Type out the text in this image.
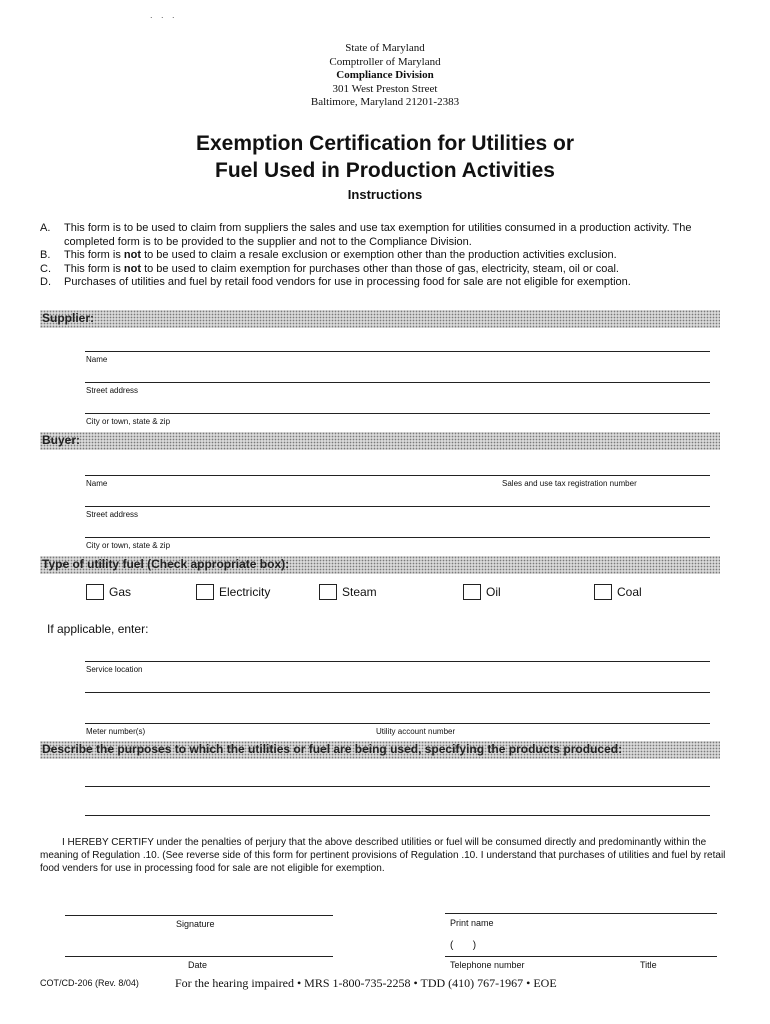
. . .
State of Maryland
Comptroller of Maryland
Compliance Division
301 West Preston Street
Baltimore, Maryland 21201-2383
Exemption Certification for Utilities or
Fuel Used in Production Activities
Instructions
A.	This form is to be used to claim from suppliers the sales and use tax exemption for utilities consumed in a production activity. The completed form is to be provided to the supplier and not to the Compliance Division.
B.	This form is not to be used to claim a resale exclusion or exemption other than the production activities exclusion.
C.	This form is not to be used to claim exemption for purchases other than those of gas, electricity, steam, oil or coal.
D.	Purchases of utilities and fuel by retail food vendors for use in processing food for sale are not eligible for exemption.
Supplier:
Name
Street address
City or town, state & zip
Buyer:
Name	Sales and use tax registration number
Street address
City or town, state & zip
Type of utility fuel (Check appropriate box):
Gas	Electricity	Steam	Oil	Coal
If applicable, enter:
Service location
Meter number(s)	Utility account number
Describe the purposes to which the utilities or fuel are being used, specifying the products produced:
I HEREBY CERTIFY under the penalties of perjury that the above described utilities or fuel will be consumed directly and predominantly within the meaning of Regulation .10. (See reverse side of this form for pertinent provisions of Regulation .10. I understand that purchases of utilities and fuel by retail food venders for use in processing food for sale are not eligible for exemption.
Signature	Print name
(       )
Date	Telephone number	Title
COT/CD-206 (Rev. 8/04)	For the hearing impaired • MRS 1-800-735-2258 • TDD (410) 767-1967 • EOE
